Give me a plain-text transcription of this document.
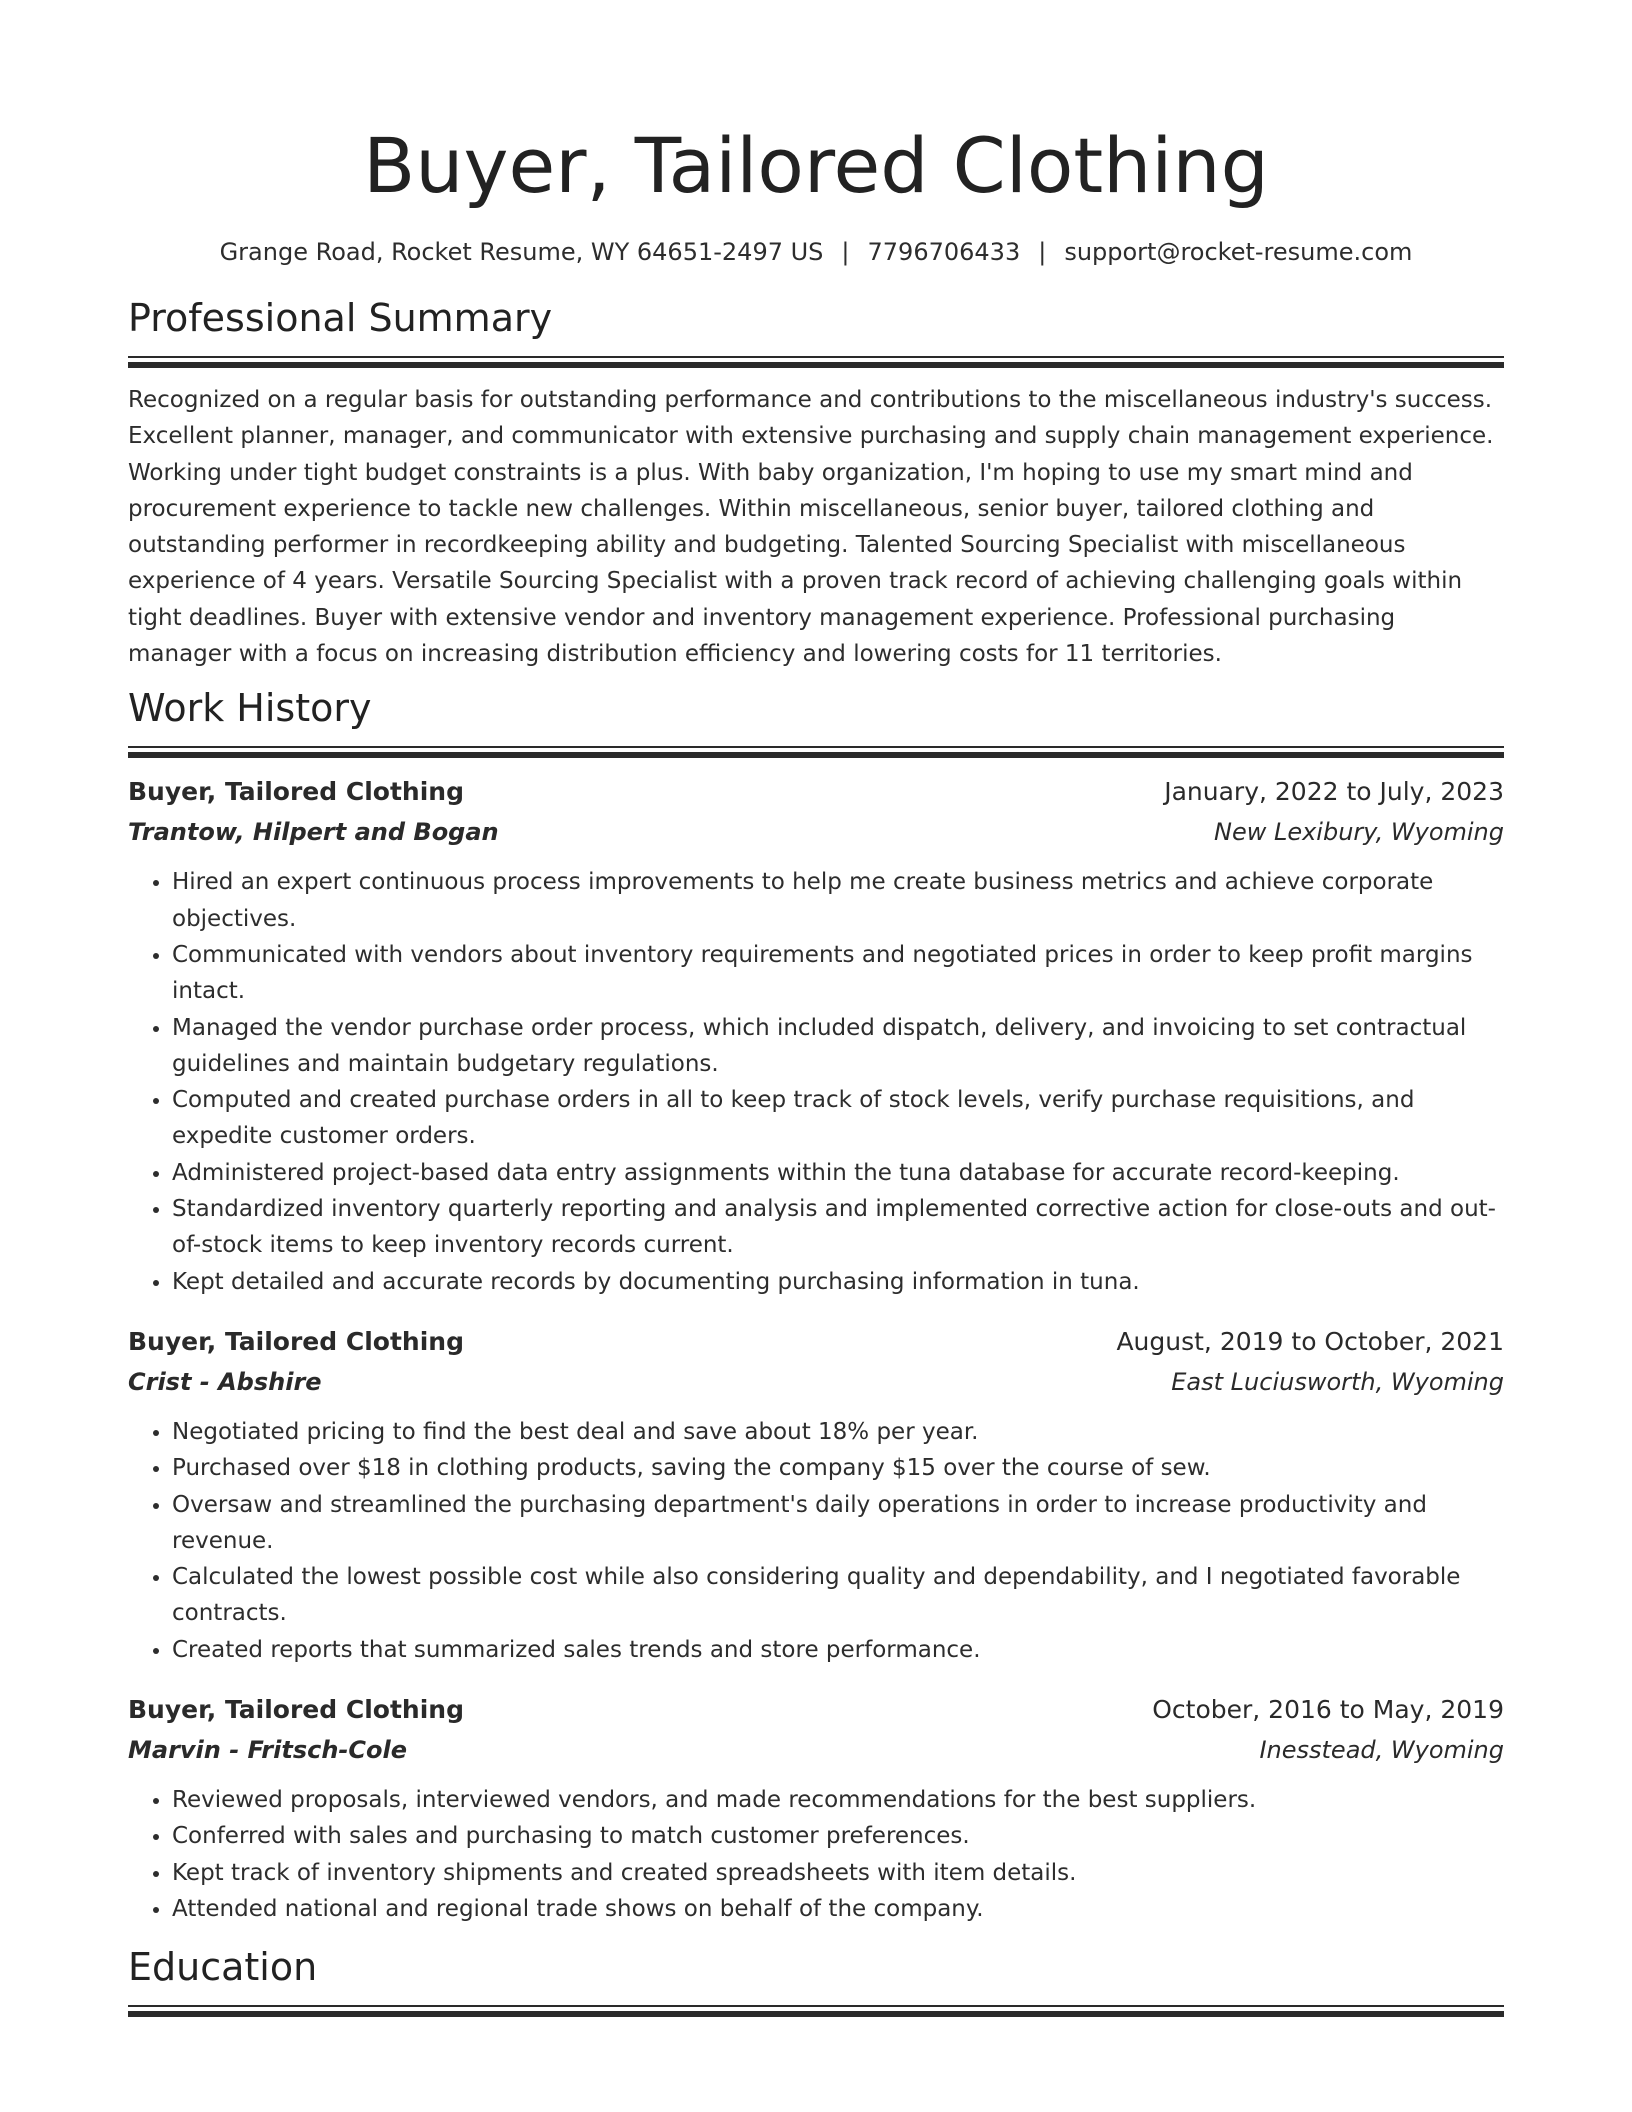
Buyer, Tailored Clothing
Grange Road, Rocket Resume, WY 64651-2497 US | 7796706433 | support@rocket-resume.com
Professional Summary

Recognized on a regular basis for outstanding performance and contributions to the miscellaneous industry's success. Excellent planner, manager, and communicator with extensive purchasing and supply chain management experience. Working under tight budget constraints is a plus. With baby organization, I'm hoping to use my smart mind and procurement experience to tackle new challenges. Within miscellaneous, senior buyer, tailored clothing and outstanding performer in recordkeeping ability and budgeting. Talented Sourcing Specialist with miscellaneous experience of 4 years. Versatile Sourcing Specialist with a proven track record of achieving challenging goals within tight deadlines. Buyer with extensive vendor and inventory management experience. Professional purchasing manager with a focus on increasing distribution efficiency and lowering costs for 11 territories.

Work History
Buyer, Tailored Clothing	January, 2022 to July, 2023
Trantow, Hilpert and Bogan	New Lexibury, Wyoming
• Hired an expert continuous process improvements to help me create business metrics and achieve corporate objectives.
• Communicated with vendors about inventory requirements and negotiated prices in order to keep profit margins intact.
• Managed the vendor purchase order process, which included dispatch, delivery, and invoicing to set contractual guidelines and maintain budgetary regulations.
• Computed and created purchase orders in all to keep track of stock levels, verify purchase requisitions, and expedite customer orders.
• Administered project-based data entry assignments within the tuna database for accurate record-keeping.
• Standardized inventory quarterly reporting and analysis and implemented corrective action for close-outs and out-of-stock items to keep inventory records current.
• Kept detailed and accurate records by documenting purchasing information in tuna.
Buyer, Tailored Clothing	August, 2019 to October, 2021
Crist - Abshire	East Luciusworth, Wyoming
• Negotiated pricing to find the best deal and save about 18% per year.
• Purchased over $18 in clothing products, saving the company $15 over the course of sew.
• Oversaw and streamlined the purchasing department's daily operations in order to increase productivity and revenue.
• Calculated the lowest possible cost while also considering quality and dependability, and I negotiated favorable contracts.
• Created reports that summarized sales trends and store performance.
Buyer, Tailored Clothing	October, 2016 to May, 2019
Marvin - Fritsch-Cole	Inesstead, Wyoming
• Reviewed proposals, interviewed vendors, and made recommendations for the best suppliers.
• Conferred with sales and purchasing to match customer preferences.
• Kept track of inventory shipments and created spreadsheets with item details.
• Attended national and regional trade shows on behalf of the company.
Education
